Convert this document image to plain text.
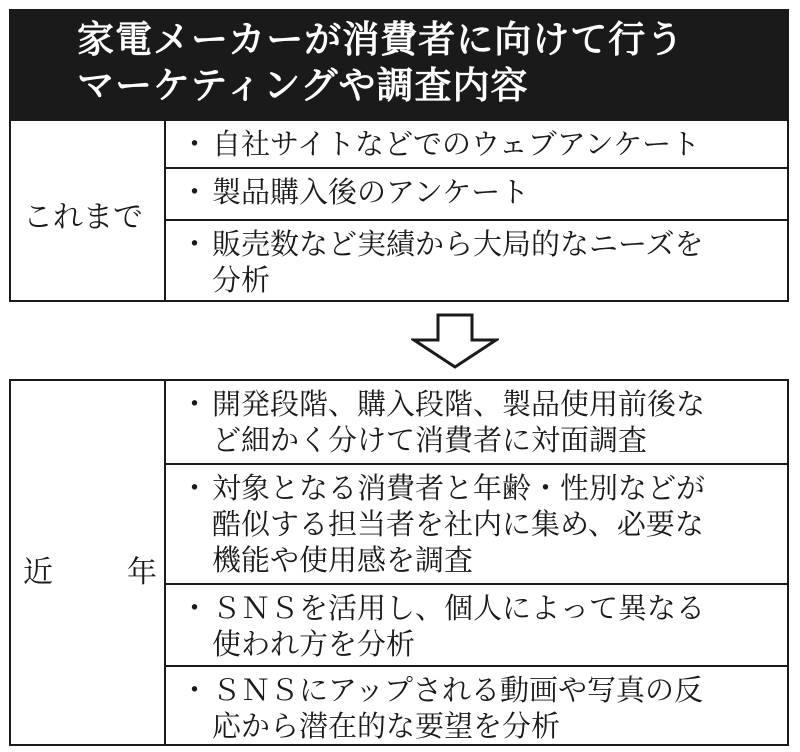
家電メーカーが消費者に向けて行う
マーケティングや調査内容
これまで
・ 自社サイトなどでのウェブアンケート
・ 製品購入後のアンケート
・ 販売数など実績から大局的なニーズを
分析
近 年
・ 開発段階、購入段階、製品使用前後な
ど細かく分けて消費者に対面調査
・ 対象となる消費者と年齢・性別などが
酷似する担当者を社内に集め、必要な
機能や使用感を調査
・ ＳＮＳを活用し、個人によって異なる
使われ方を分析
・ ＳＮＳにアップされる動画や写真の反
応から潜在的な要望を分析
